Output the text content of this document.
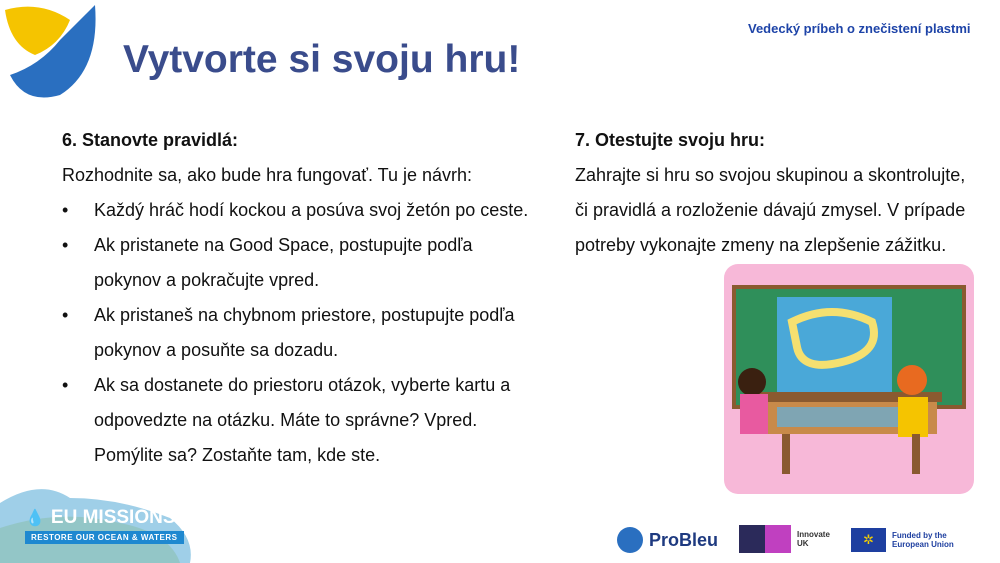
Vytvorte si svoju hru!
Vedecký príbeh o znečistení plastmi
6. Stanovte pravidlá:
Rozhodnite sa, ako bude hra fungovať. Tu je návrh:
• Každý hráč hodí kockou a posúva svoj žetón po ceste.
• Ak pristanete na Good Space, postupujte podľa pokynov a pokračujte vpred.
• Ak pristaneš na chybnom priestore, postupujte podľa pokynov a posuňte sa dozadu.
• Ak sa dostanete do priestoru otázok, vyberte kartu a odpovedzte na otázku. Máte to správne? Vpred. Pomýlite sa? Zostaňte tam, kde ste.
7. Otestujte svoju hru:
Zahrajte si hru so svojou skupinou a skontrolujte, či pravidlá a rozloženie dávajú zmysel. V prípade potreby vykonajte zmeny na zlepšenie zážitku.
💧 EU MISSIONS
RESTORE OUR OCEAN & WATERS	ProBleu	Innovate UK	✲	Funded by the European Union
